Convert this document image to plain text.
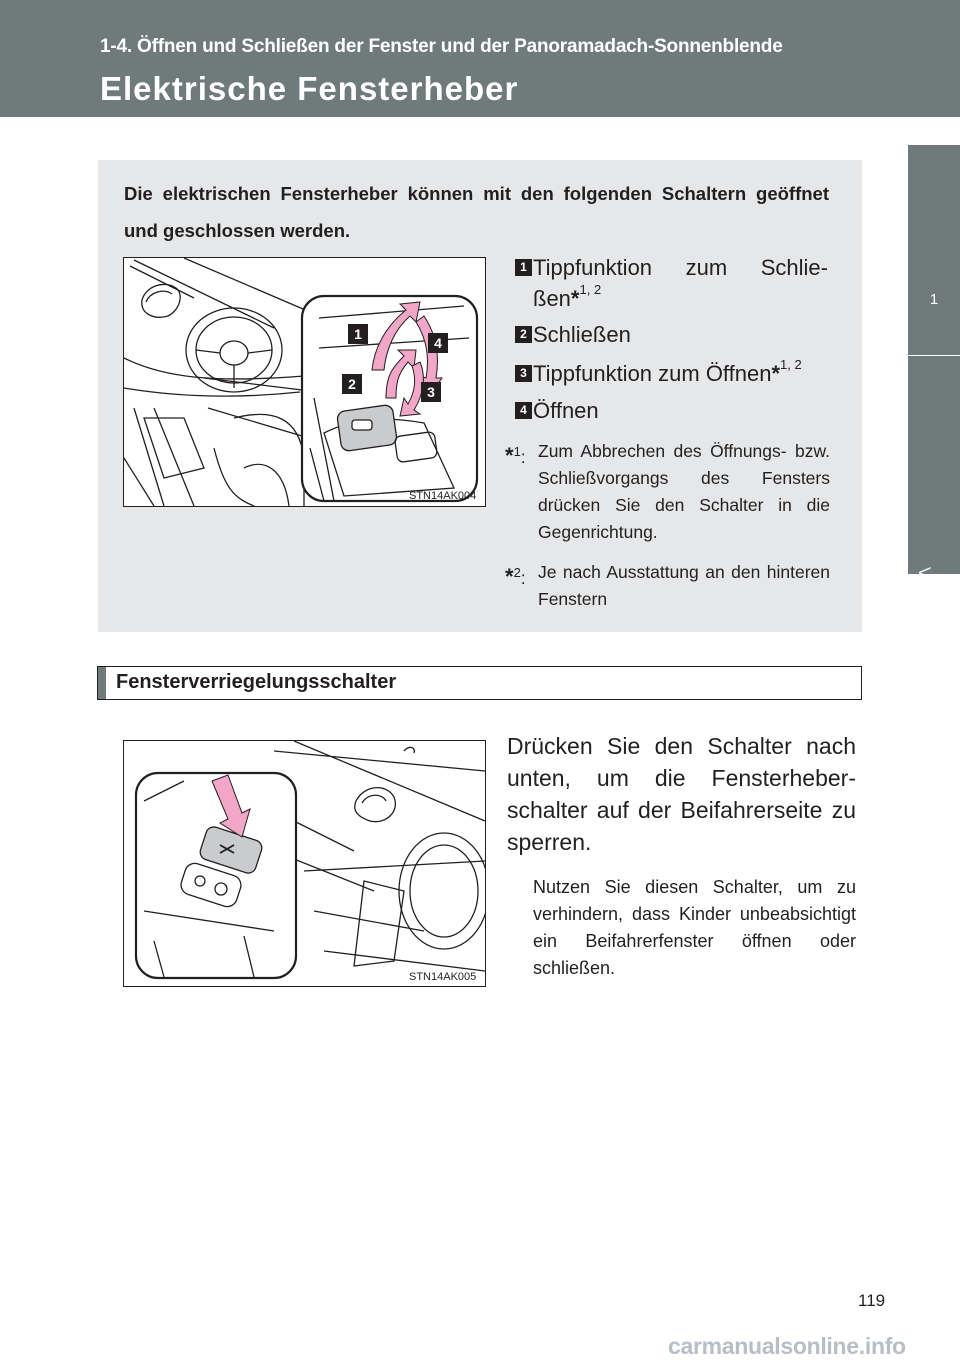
1-4. Öffnen und Schließen der Fenster und der Panoramadach-Sonnenblende
Elektrische Fensterheber
1
Vor Antritt der Fahrt
Die elektrischen Fensterheber können mit den folgenden Schaltern geöffnet und geschlossen werden.
1
4
2	3
STN14AK004
1 Tippfunktion zum Schlie-
ßen*$^{1, 2}$
2 Schließen
3 Tippfunktion zum Öffnen*$^{1, 2}$
4 Öffnen
*$^1$: Zum Abbrechen des Öffnungs- bzw. Schließvorgangs des Fensters drücken Sie den Schalter in die Gegenrichtung.
*$^2$: Je nach Ausstattung an den hinteren Fenstern
Fensterverriegelungsschalter
STN14AK005
Drücken Sie den Schalter nach unten, um die Fensterheberschalter auf der Beifahrerseite zu sperren.
Nutzen Sie diesen Schalter, um zu verhindern, dass Kinder unbeabsichtigt ein Beifahrerfenster öffnen oder schließen.
119
carmanualsonline.info
